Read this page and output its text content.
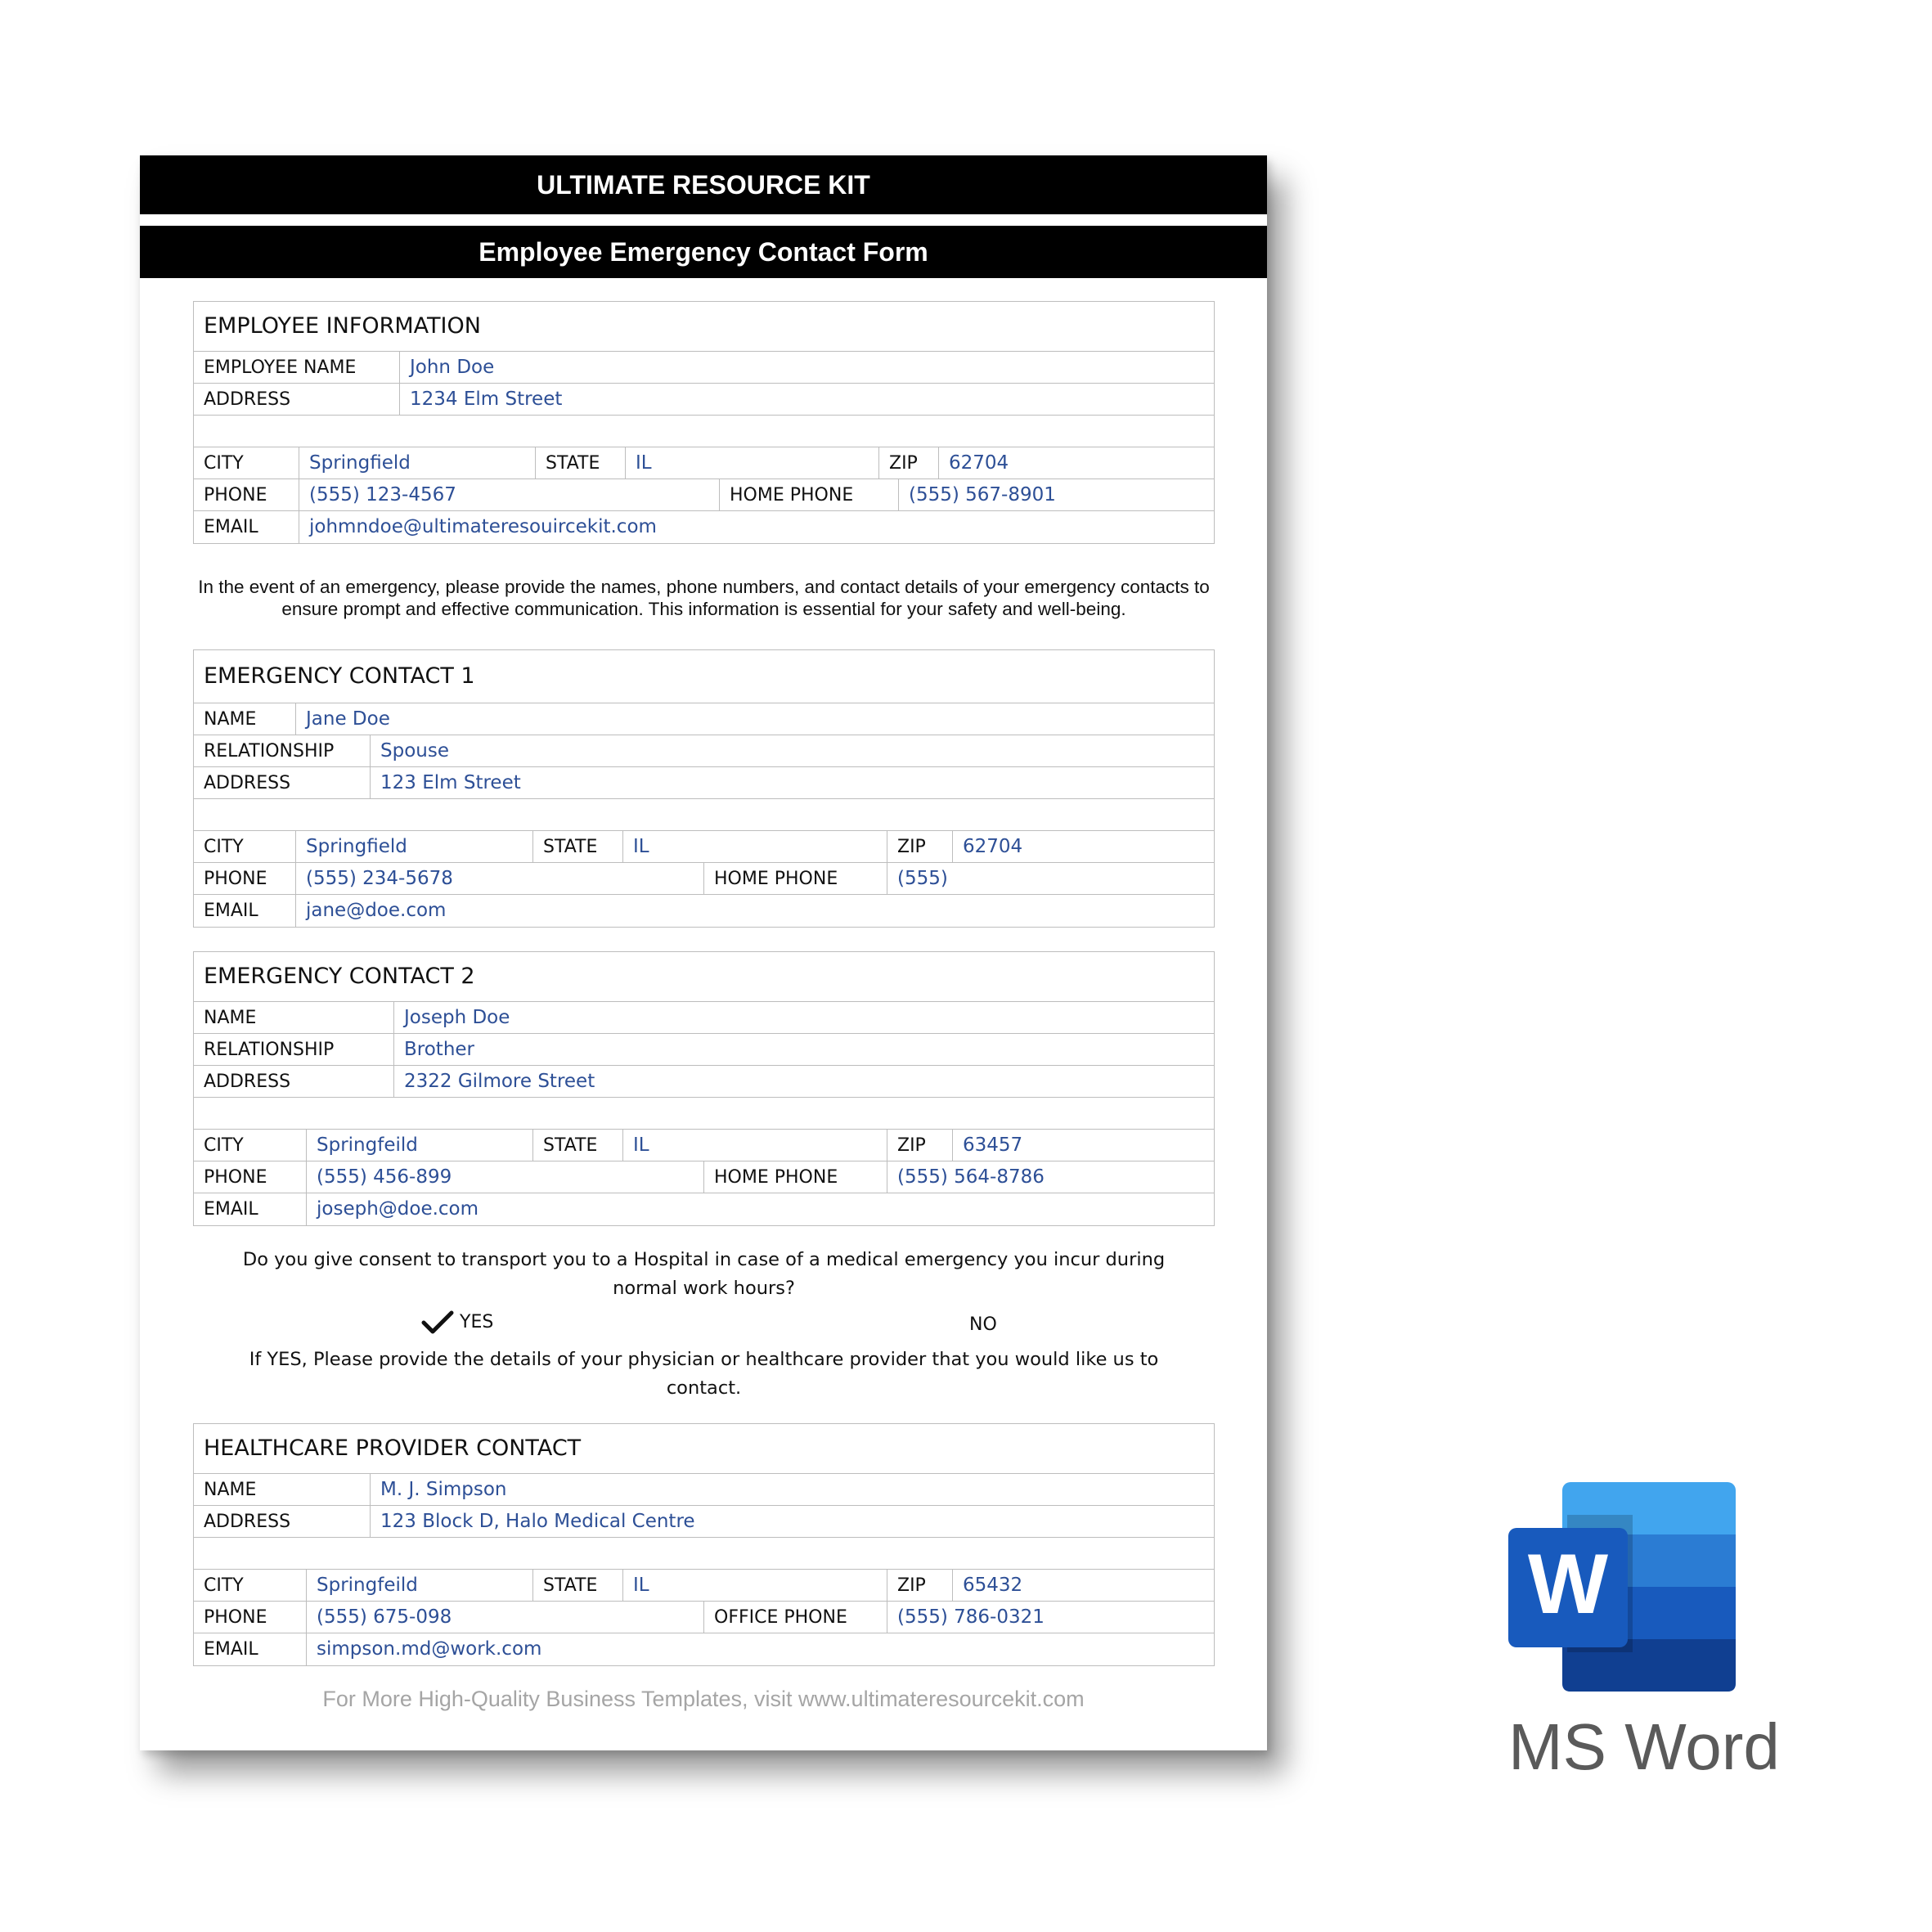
ULTIMATE RESOURCE KIT
Employee Emergency Contact Form
EMPLOYEE INFORMATION
EMPLOYEE NAME	John Doe
ADDRESS	1234 Elm Street
CITY	Springfield	STATE	IL	ZIP	62704
PHONE	(555) 123-4567	HOME PHONE	(555) 567-8901
EMAIL	johmndoe@ultimateresouircekit.com
In the event of an emergency, please provide the names, phone numbers, and contact details of your emergency contacts to ensure prompt and effective communication. This information is essential for your safety and well-being.
EMERGENCY CONTACT 1
NAME	Jane Doe
RELATIONSHIP	Spouse
ADDRESS	123 Elm Street
CITY	Springfield	STATE	IL	ZIP	62704
PHONE	(555) 234-5678	HOME PHONE	(555)
EMAIL	jane@doe.com
EMERGENCY CONTACT 2
NAME	Joseph Doe
RELATIONSHIP	Brother
ADDRESS	2322 Gilmore Street
CITY	Springfeild	STATE	IL	ZIP	63457
PHONE	(555) 456-899	HOME PHONE	(555) 564-8786
EMAIL	joseph@doe.com
Do you give consent to transport you to a Hospital in case of a medical emergency you incur during normal work hours?
YES	NO
If YES, Please provide the details of your physician or healthcare provider that you would like us to contact.
HEALTHCARE PROVIDER CONTACT
NAME	M. J. Simpson
ADDRESS	123 Block D, Halo Medical Centre
CITY	Springfeild	STATE	IL	ZIP	65432
PHONE	(555) 675-098	OFFICE PHONE	(555) 786-0321
EMAIL	simpson.md@work.com
For More High-Quality Business Templates, visit www.ultimateresourcekit.com
W
MS Word
